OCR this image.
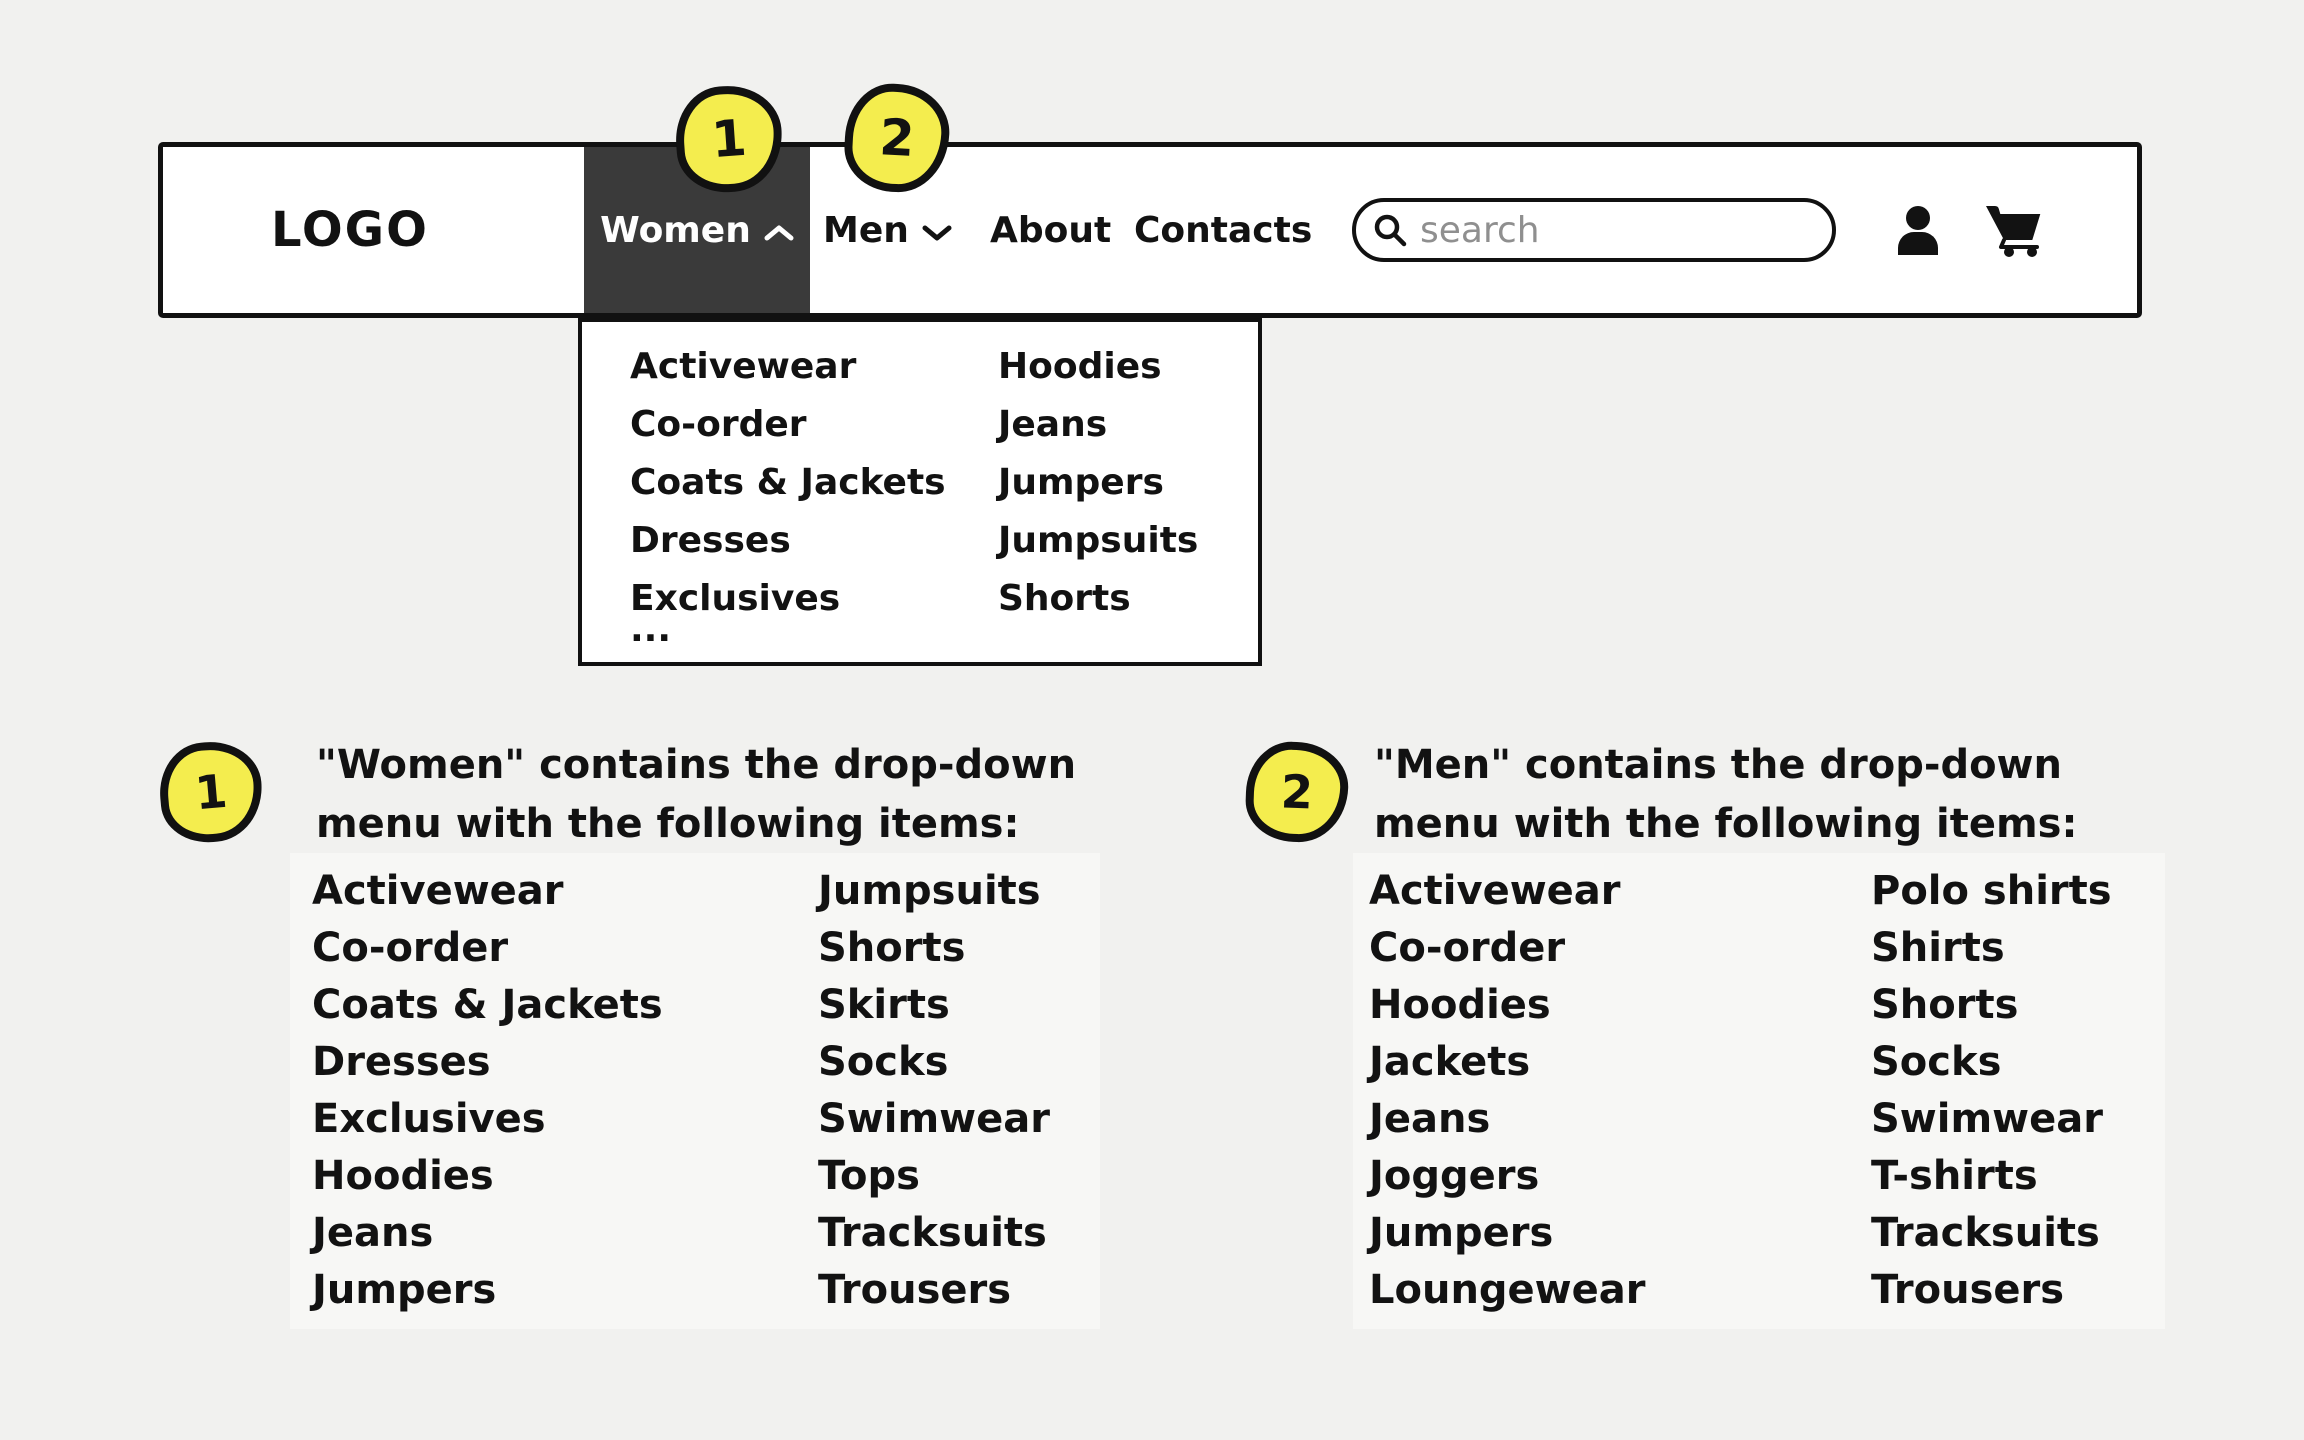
LOGO	Women Men About Contacts
search
1	2
Activewear
Co-order
Coats & Jackets
Dresses
Exclusives
Hoodies
Jeans
Jumpers
Jumpsuits
Shorts
...
1 "Women" contains the drop-down
menu with the following items:
Activewear
Co-order
Coats & Jackets
Dresses
Exclusives
Hoodies
Jeans
Jumpers
Jumpsuits
Shorts
Skirts
Socks
Swimwear
Tops
Tracksuits
Trousers
2 "Men" contains the drop-down
menu with the following items:
Activewear
Co-order
Hoodies
Jackets
Jeans
Joggers
Jumpers
Loungewear
Polo shirts
Shirts
Shorts
Socks
Swimwear
T-shirts
Tracksuits
Trousers
